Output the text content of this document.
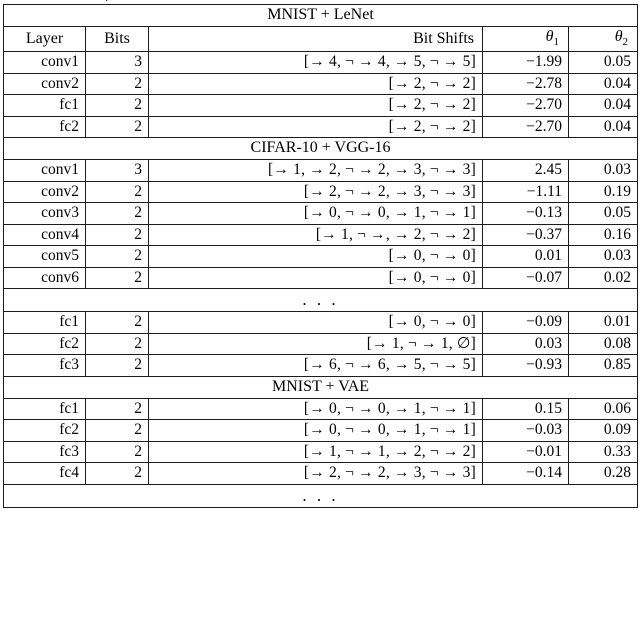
MNIST + LeNet				
Layer	Bits	Bit Shifts	$\theta_1$	$\theta_2$
conv1	3	[→ 4, ¬ → 4, → 5, ¬ → 5]	−1.99	0.05
conv2	2	[→ 2, ¬ → 2]	−2.78	0.04
fc1	2	[→ 2, ¬ → 2]	−2.70	0.04
fc2	2	[→ 2, ¬ → 2]	−2.70	0.04
CIFAR-10 + VGG-16				
conv1	3	[→ 1, → 2, ¬ → 2, → 3, ¬ → 3]	2.45	0.03
conv2	2	[→ 2, ¬ → 2, → 3, ¬ → 3]	−1.11	0.19
conv3	2	[→ 0, ¬ → 0, → 1, ¬ → 1]	−0.13	0.05
conv4	2	[→ 1, ¬ →, → 2, ¬ → 2]	−0.37	0.16
conv5	2	[→ 0, ¬ → 0]	0.01	0.03
conv6	2	[→ 0, ¬ → 0]	−0.07	0.02
. . .				
fc1	2	[→ 0, ¬ → 0]	−0.09	0.01
fc2	2	[→ 1, ¬ → 1, ∅]	0.03	0.08
fc3	2	[→ 6, ¬ → 6, → 5, ¬ → 5]	−0.93	0.85
MNIST + VAE				
fc1	2	[→ 0, ¬ → 0, → 1, ¬ → 1]	0.15	0.06
fc2	2	[→ 0, ¬ → 0, → 1, ¬ → 1]	−0.03	0.09
fc3	2	[→ 1, ¬ → 1, → 2, ¬ → 2]	−0.01	0.33
fc4	2	[→ 2, ¬ → 2, → 3, ¬ → 3]	−0.14	0.28
. . .				
